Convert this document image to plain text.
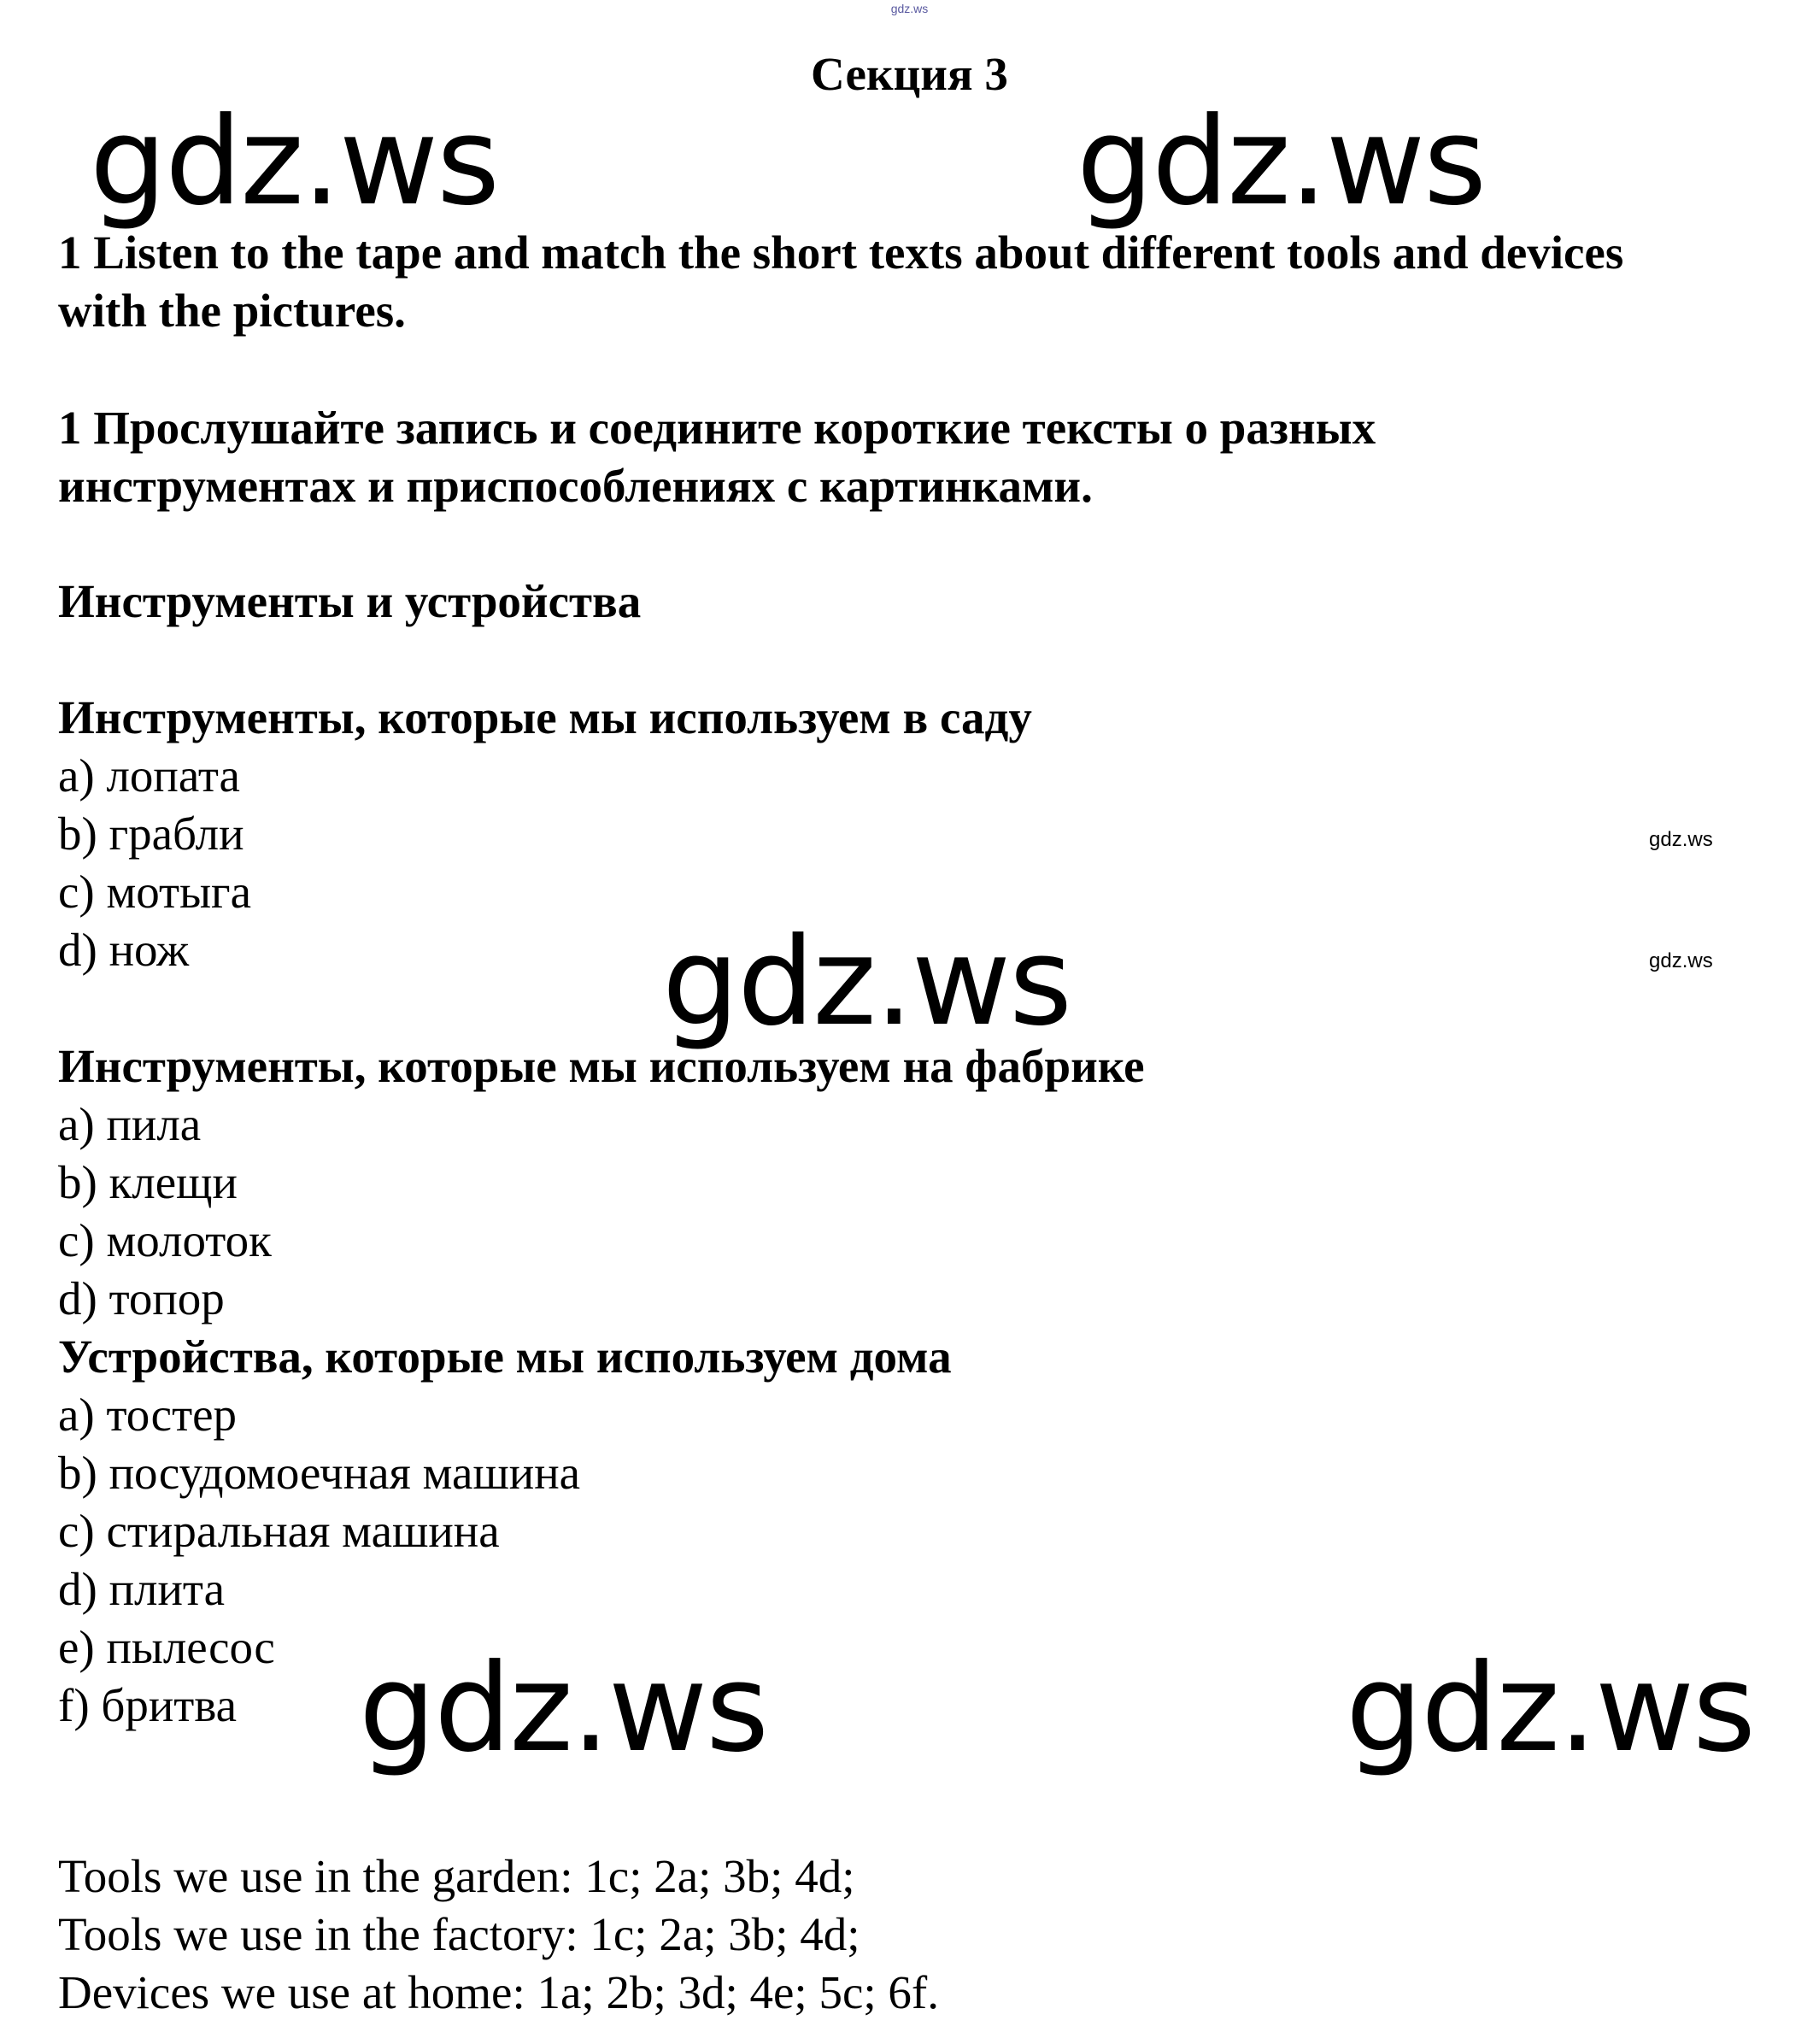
gdz.ws
Секция 3
gdz.ws	gdz.ws
1 Listen to the tape and match the short texts about different tools and devices
with the pictures.
1 Прослушайте запись и соедините короткие тексты о разных
инструментах и приспособлениях с картинками.
Инструменты и устройства
Инструменты, которые мы используем в саду
a) лопата
b) грабли
c) мотыга
d) нож
gdz.ws
gdz.ws
Инструменты, которые мы используем на фабрике
a) пила
b) клещи
c) молоток
d) топор
Устройства, которые мы используем дома
a) тостер
b) посудомоечная машина
c) стиральная машина
d) плита
e) пылесос
f) бритва
gdz.ws
gdz.ws	gdz.ws
Tools we use in the garden: 1c; 2a; 3b; 4d;
Tools we use in the factory: 1c; 2a; 3b; 4d;
Devices we use at home: 1a; 2b; 3d; 4e; 5c; 6f.
